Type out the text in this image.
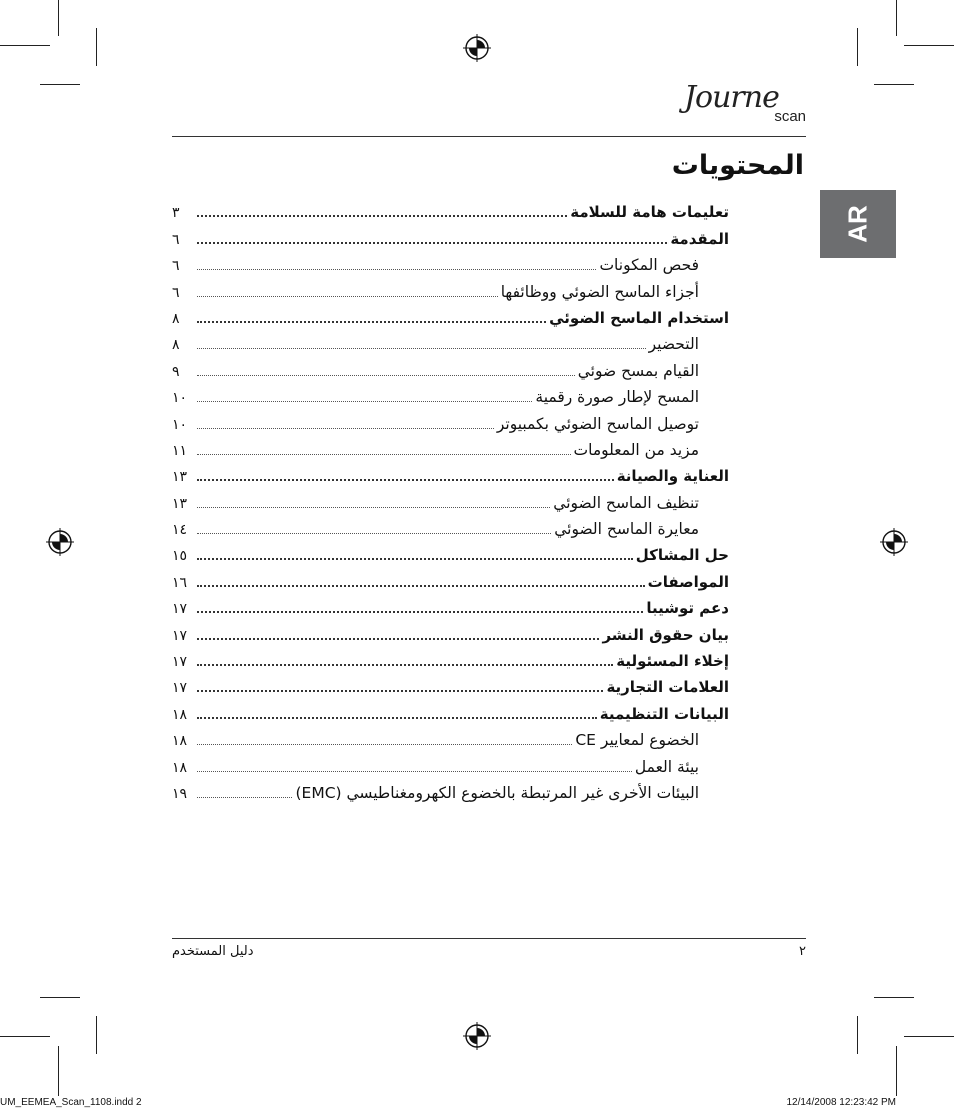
Journe
scan
المحتويات
AR
تعليمات هامة للسلامة
٣
المقدمة
٦
فحص المكونات
٦
أجزاء الماسح الضوئي ووظائفها
٦
استخدام الماسح الضوئي
٨
التحضير
٨
القيام بمسح ضوئي
٩
المسح لإطار صورة رقمية
١٠
توصيل الماسح الضوئي بكمبيوتر
١٠
مزيد من المعلومات
١١
العناية والصيانة
١٣
تنظيف الماسح الضوئي
١٣
معايرة الماسح الضوئي
١٤
حل المشاكل
١٥
المواصفات
١٦
دعم توشيبا
١٧
بيان حقوق النشر
١٧
إخلاء المسئولية
١٧
العلامات التجارية
١٧
البيانات التنظيمية
١٨
الخضوع لمعايير CE
١٨
بيئة العمل
١٨
البيئات الأخرى غير المرتبطة بالخضوع الكهرومغناطيسي (EMC)
١٩
دليل المستخدم	٢
UM_EEMEA_Scan_1108.indd 2	12/14/2008 12:23:42 PM
